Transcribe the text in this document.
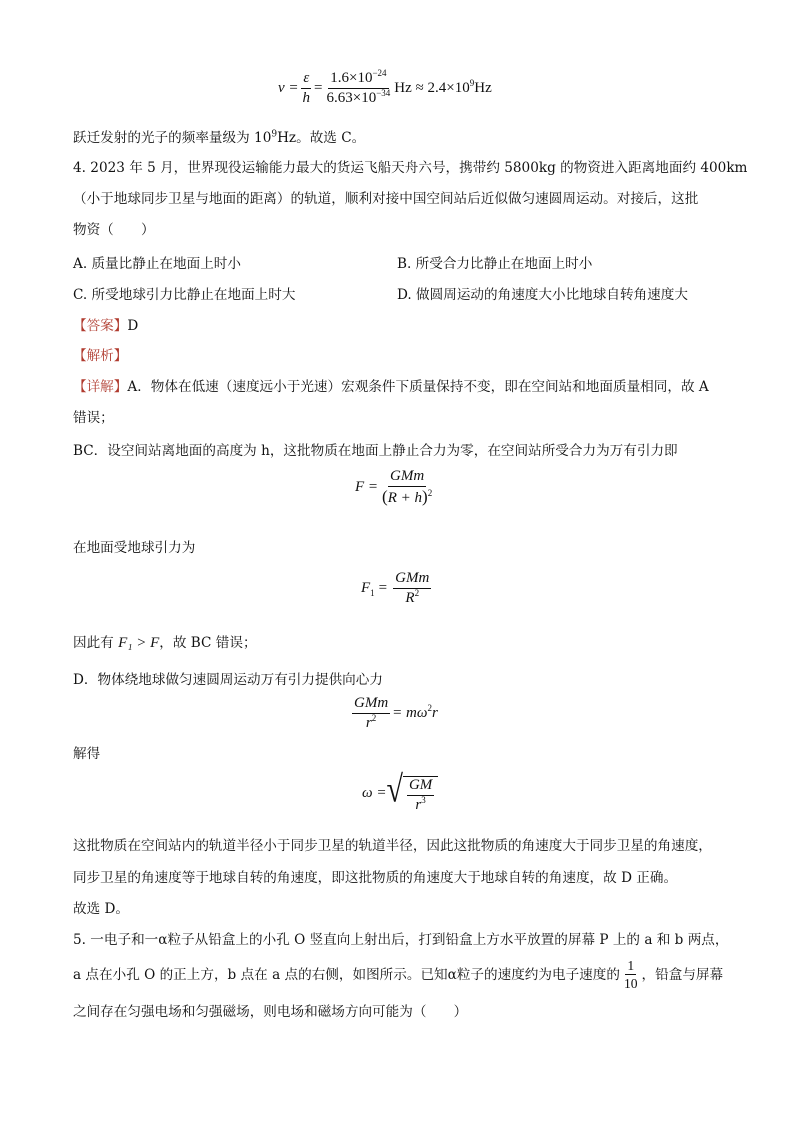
$\nu = \frac{\varepsilon}{h} = \frac{1.6\times 10^{-24}}{6.63\times 10^{-34}}$ $Hz \approx 2.4\times 10^9Hz$
跃迁发射的光子的频率量级为 $10^9Hz$。故选 C。
4. 2023 年 5 月，世界现役运输能力最大的货运飞船天舟六号，携带约 5800kg 的物资进入距离地面约 400km
（小于地球同步卫星与地面的距离）的轨道，顺利对接中国空间站后近似做匀速圆周运动。对接后，这批
物资（　　）
A. 质量比静止在地面上时小	B. 所受合力比静止在地面上时小
C. 所受地球引力比静止在地面上时大	D. 做圆周运动的角速度大小比地球自转角速度大
【答案】D
【解析】
【详解】A．物体在低速（速度远小于光速）宏观条件下质量保持不变，即在空间站和地面质量相同，故 A
错误；
BC．设空间站离地面的高度为 h，这批物质在地面上静止合力为零，在空间站所受合力为万有引力即
$F = \frac{\text{GMm}}{(R + h)^2}$
在地面受地球引力为
$F_1 = \frac{\text{GMm}}{R^2}$
因此有 F₁ > F，故 BC 错误；
D．物体绕地球做匀速圆周运动万有引力提供向心力
$\frac{\text{GMm}}{r^2} = m\omega^2r$
解得
ω = √ $\frac{GM}{r^3}$
这批物质在空间站内的轨道半径小于同步卫星的轨道半径，因此这批物质的角速度大于同步卫星的角速度，
同步卫星的角速度等于地球自转的角速度，即这批物质的角速度大于地球自转的角速度，故 D 正确。
故选 D。
5. 一电子和一α粒子从铅盒上的小孔 O 竖直向上射出后，打到铅盒上方水平放置的屏幕 P 上的 a 和 b 两点，
a 点在小孔 O 的正上方，b 点在 a 点的右侧，如图所示。已知α粒子的速度约为电子速度的 $\frac{1}{10}$ ，铅盒与屏幕
之间存在匀强电场和匀强磁场，则电场和磁场方向可能为（　　）
